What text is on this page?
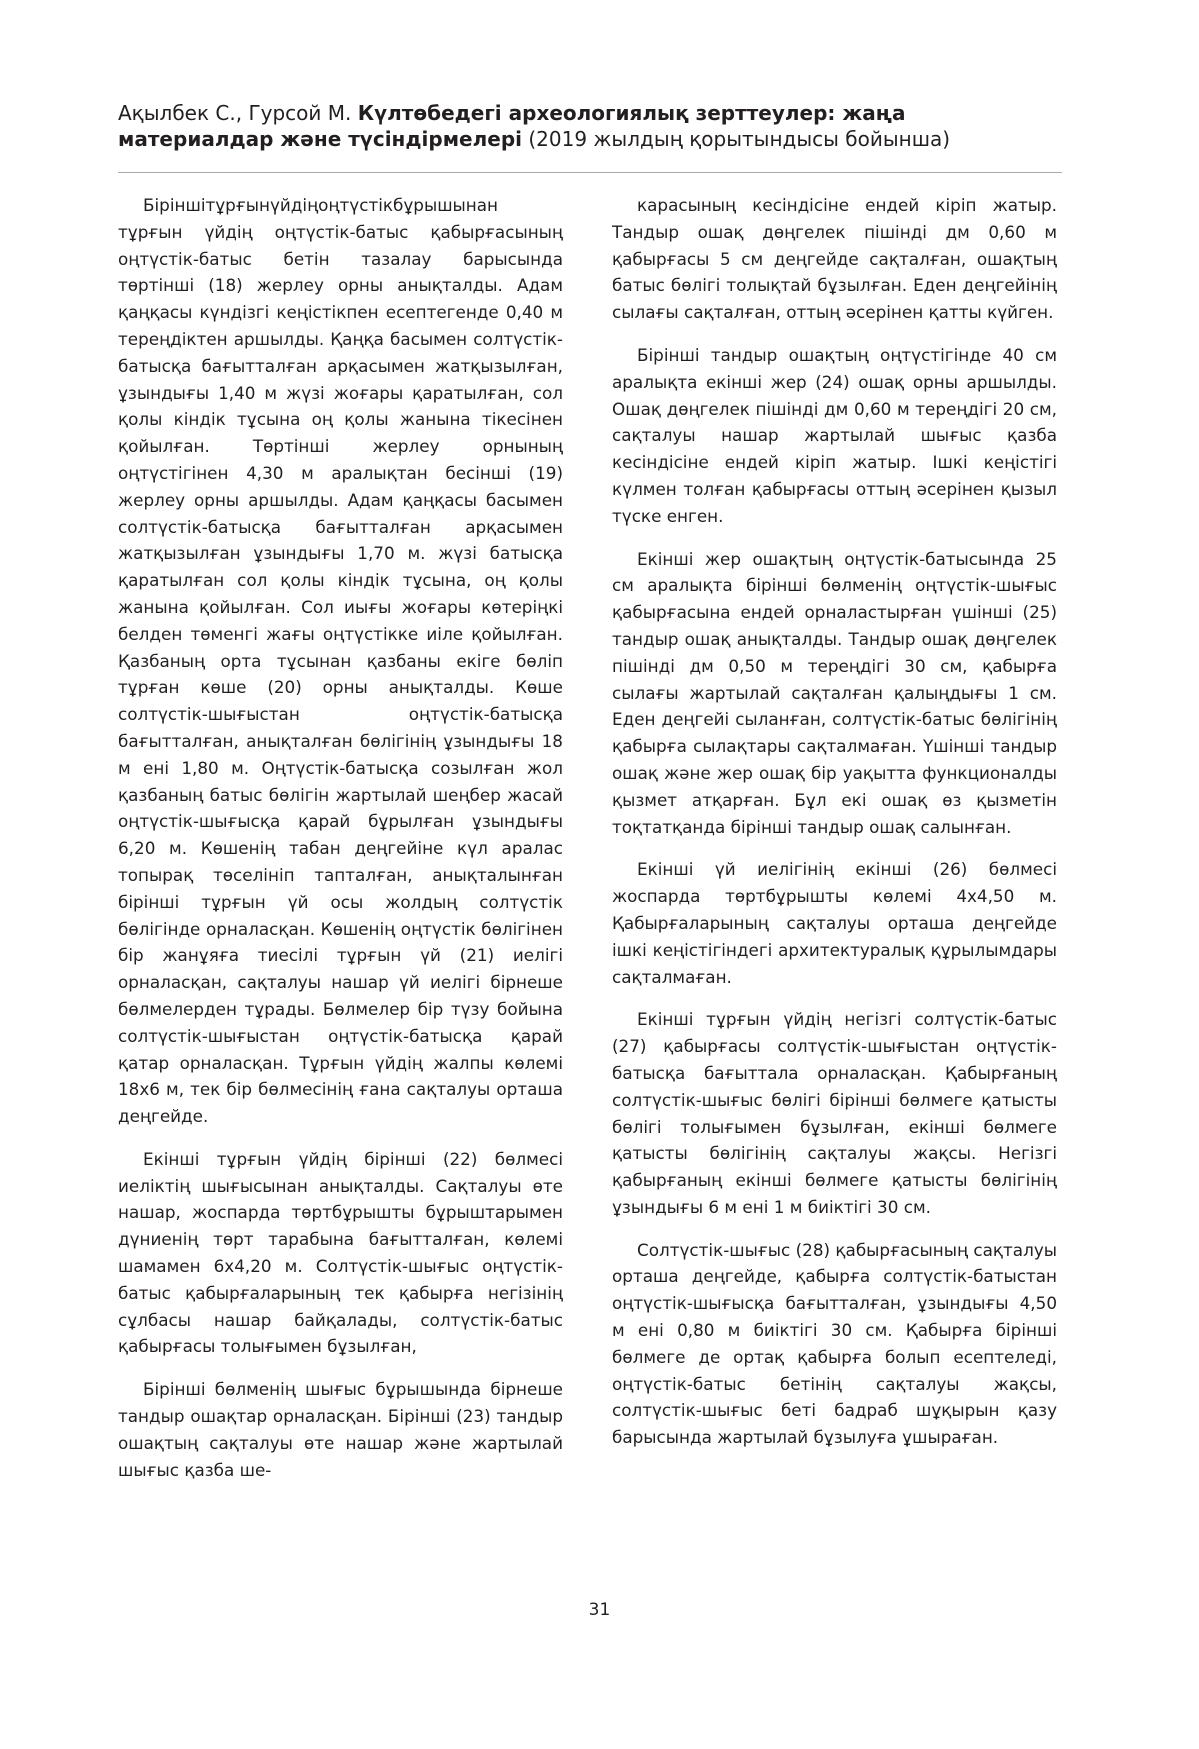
Ақылбек С., Гурсой М. Күлтөбедегі археологиялық зерттеулер: жаңа материалдар және түсіндірмелері (2019 жылдың қорытындысы бойынша)

Біріншітұрғынүйдіңоңтүстікбұрышынан тұрғын үйдің оңтүстік-батыс қабырғасының оңтүстік-батыс бетін тазалау барысында төртінші (18) жерлеу орны анықталды. Адам қаңқасы күндізгі кеңістікпен есептегенде 0,40 м тереңдіктен аршылды. Қаңқа басымен солтүстік-батысқа бағытталған арқасымен жатқызылған, ұзындығы 1,40 м жүзі жоғары қаратылған, сол қолы кіндік тұсына оң қолы жанына тікесінен қойылған. Төртінші жерлеу орнының оңтүстігінен 4,30 м аралықтан бесінші (19) жерлеу орны аршылды. Адам қаңқасы басымен солтүстік-батысқа бағытталған арқасымен жатқызылған ұзындығы 1,70 м. жүзі батысқа қаратылған сол қолы кіндік тұсына, оң қолы жанына қойылған. Сол иығы жоғары көтеріңкі белден төменгі жағы оңтүстікке иіле қойылған. Қазбаның орта тұсынан қазбаны екіге бөліп тұрған көше (20) орны анықталды. Көше солтүстік-шығыстан оңтүстік-батысқа бағытталған, анықталған бөлігінің ұзындығы 18 м ені 1,80 м. Оңтүстік-батысқа созылған жол қазбаның батыс бөлігін жартылай шеңбер жасай оңтүстік-шығысқа қарай бұрылған ұзындығы 6,20 м. Көшенің табан деңгейіне күл аралас топырақ төселініп тапталған, анықталынған бірінші тұрғын үй осы жолдың солтүстік бөлігінде орналасқан. Көшенің оңтүстік бөлігінен бір жанұяға тиесілі тұрғын үй (21) иелігі орналасқан, сақталуы нашар үй иелігі бірнеше бөлмелерден тұрады. Бөлмелер бір түзу бойына солтүстік-шығыстан оңтүстік-батысқа қарай қатар орналасқан. Тұрғын үйдің жалпы көлемі 18х6 м, тек бір бөлмесінің ғана сақталуы орташа деңгейде.

Екінші тұрғын үйдің бірінші (22) бөлмесі иеліктің шығысынан анықталды. Сақталуы өте нашар, жоспарда төртбұрышты бұрыштарымен дүниенің төрт тарабына бағытталған, көлемі шамамен 6х4,20 м. Солтүстік-шығыс оңтүстік-батыс қабырғаларының тек қабырға негізінің сұлбасы нашар байқалады, солтүстік-батыс қабырғасы толығымен бұзылған,

Бірінші бөлменің шығыс бұрышында бірнеше тандыр ошақтар орналасқан. Бірінші (23) тандыр ошақтың сақталуы өте нашар және жартылай шығыс қазба ше-

карасының кесіндісіне ендей кіріп жатыр. Тандыр ошақ дөңгелек пішінді дм 0,60 м қабырғасы 5 см деңгейде сақталған, ошақтың батыс бөлігі толықтай бұзылған. Еден деңгейінің сылағы сақталған, оттың әсерінен қатты күйген.

Бірінші тандыр ошақтың оңтүстігінде 40 см аралықта екінші жер (24) ошақ орны аршылды. Ошақ дөңгелек пішінді дм 0,60 м тереңдігі 20 см, сақталуы нашар жартылай шығыс қазба кесіндісіне ендей кіріп жатыр. Ішкі кеңістігі күлмен толған қабырғасы оттың әсерінен қызыл түске енген.

Екінші жер ошақтың оңтүстік-батысында 25 см аралықта бірінші бөлменің оңтүстік-шығыс қабырғасына ендей орналастырған үшінші (25) тандыр ошақ анықталды. Тандыр ошақ дөңгелек пішінді дм 0,50 м тереңдігі 30 см, қабырға сылағы жартылай сақталған қалыңдығы 1 см. Еден деңгейі сыланған, солтүстік-батыс бөлігінің қабырға сылақтары сақталмаған. Үшінші тандыр ошақ және жер ошақ бір уақытта функционалды қызмет атқарған. Бұл екі ошақ өз қызметін тоқтатқанда бірінші тандыр ошақ салынған.

Екінші үй иелігінің екінші (26) бөлмесі жоспарда төртбұрышты көлемі 4х4,50 м. Қабырғаларының сақталуы орташа деңгейде ішкі кеңістігіндегі архитектуралық құрылымдары сақталмаған.

Екінші тұрғын үйдің негізгі солтүстік-батыс (27) қабырғасы солтүстік-шығыстан оңтүстік-батысқа бағыттала орналасқан. Қабырғаның солтүстік-шығыс бөлігі бірінші бөлмеге қатысты бөлігі толығымен бұзылған, екінші бөлмеге қатысты бөлігінің сақталуы жақсы. Негізгі қабырғаның екінші бөлмеге қатысты бөлігінің ұзындығы 6 м ені 1 м биіктігі 30 см.

Солтүстік-шығыс (28) қабырғасының сақталуы орташа деңгейде, қабырға солтүстік-батыстан оңтүстік-шығысқа бағытталған, ұзындығы 4,50 м ені 0,80 м биіктігі 30 см. Қабырға бірінші бөлмеге де ортақ қабырға болып есептеледі, оңтүстік-батыс бетінің сақталуы жақсы, солтүстік-шығыс беті бадраб шұқырын қазу барысында жартылай бұзылуға ұшыраған.

31
